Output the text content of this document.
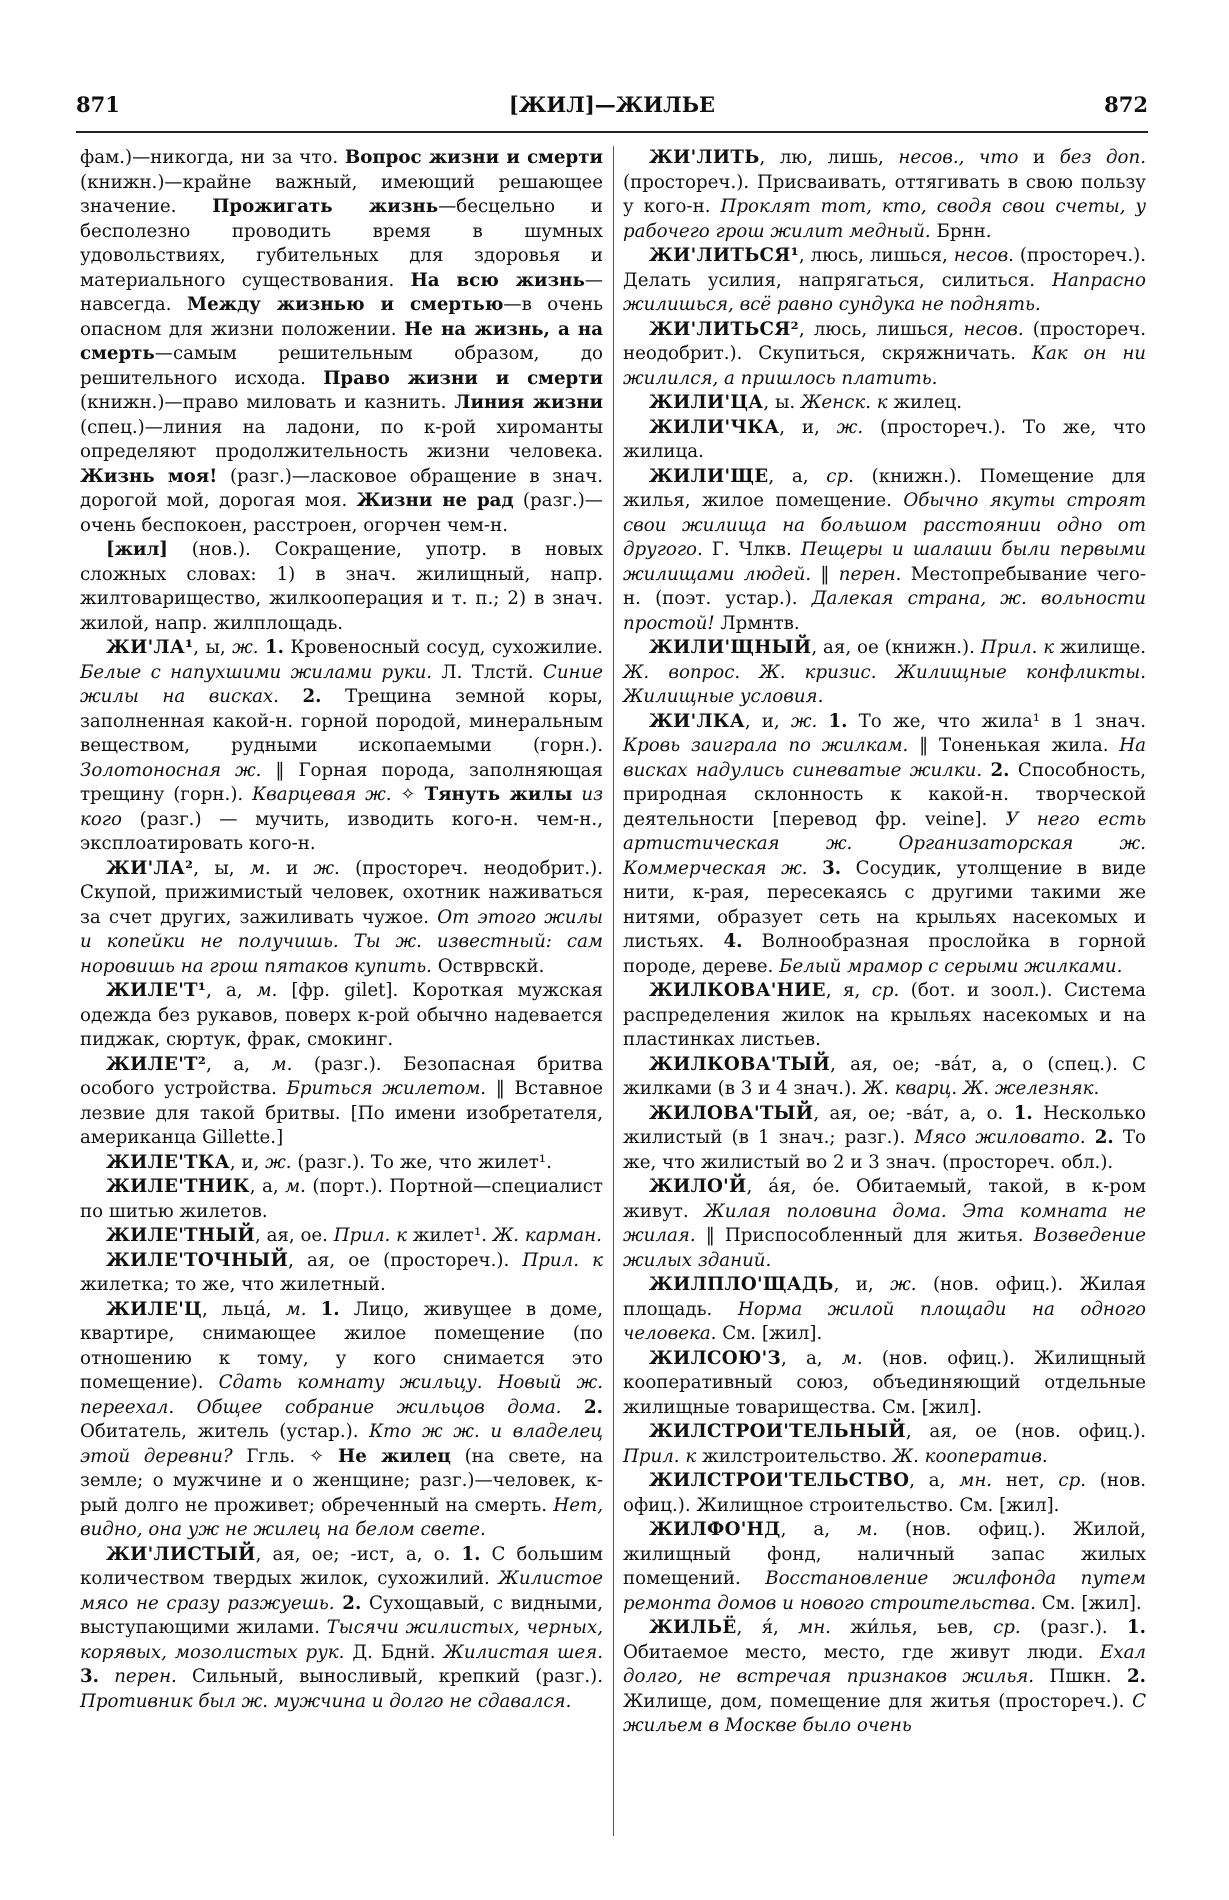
871	[ЖИЛ]—ЖИЛЬЕ	872

фам.)—никогда, ни за что. Вопрос жизни и смерти (книжн.)—крайне важный, имеющий решающее значение. Прожигать жизнь—бесцельно и бесполезно проводить время в шумных удовольствиях, губительных для здоровья и материального существования. На всю жизнь—навсегда. Между жизнью и смертью—в очень опасном для жизни положении. Не на жизнь, а на смерть—самым решительным образом, до решительного исхода. Право жизни и смерти (книжн.)—право миловать и казнить. Линия жизни (спец.)—линия на ладони, по к-рой хироманты определяют продолжительность жизни человека. Жизнь моя! (разг.)—ласковое обращение в знач. дорогой мой, дорогая моя. Жизни не рад (разг.)—очень беспокоен, расстроен, огорчен чем-н.

[жил] (нов.). Сокращение, употр. в новых сложных словах: 1) в знач. жилищный, напр. жилтоварищество, жилкооперация и т. п.; 2) в знач. жилой, напр. жилплощадь.

ЖИ'ЛА¹, ы, ж. 1. Кровеносный сосуд, сухожилие. Белые с напухшими жилами руки. Л. Тлстй. Синие жилы на висках. 2. Трещина земной коры, заполненная какой-н. горной породой, минеральным веществом, рудными ископаемыми (горн.). Золотоносная ж. ‖ Горная порода, заполняющая трещину (горн.). Кварцевая ж. ✧ Тянуть жилы из кого (разг.) — мучить, изводить кого-н. чем-н., эксплоатировать кого-н.

ЖИ'ЛА², ы, м. и ж. (простореч. неодобрит.). Скупой, прижимистый человек, охотник наживаться за счет других, зажиливать чужое. От этого жилы и копейки не получишь. Ты ж. известный: сам норовишь на грош пятаков купить. Остврвскй.

ЖИЛЕ'Т¹, а, м. [фр. gilet]. Короткая мужская одежда без рукавов, поверх к-рой обычно надевается пиджак, сюртук, фрак, смокинг.

ЖИЛЕ'Т², а, м. (разг.). Безопасная бритва особого устройства. Бриться жилетом. ‖ Вставное лезвие для такой бритвы. [По имени изобретателя, американца Gillette.]

ЖИЛЕ'ТКА, и, ж. (разг.). То же, что жилет¹.

ЖИЛЕ'ТНИК, а, м. (порт.). Портной—специалист по шитью жилетов.

ЖИЛЕ'ТНЫЙ, ая, ое. Прил. к жилет¹. Ж. карман.

ЖИЛЕ'ТОЧНЫЙ, ая, ое (простореч.). Прил. к жилетка; то же, что жилетный.

ЖИЛЕ'Ц, льца́, м. 1. Лицо, живущее в доме, квартире, снимающее жилое помещение (по отношению к тому, у кого снимается это помещение). Сдать комнату жильцу. Новый ж. переехал. Общее собрание жильцов дома. 2. Обитатель, житель (устар.). Кто ж ж. и владелец этой деревни? Ггль. ✧ Не жилец (на свете, на земле; о мужчине и о женщине; разг.)—человек, к-рый долго не проживет; обреченный на смерть. Нет, видно, она уж не жилец на белом свете.

ЖИ'ЛИСТЫЙ, ая, ое; -ист, а, о. 1. С большим количеством твердых жилок, сухожилий. Жилистое мясо не сразу разжуешь. 2. Сухощавый, с видными, выступающими жилами. Тысячи жилистых, черных, корявых, мозолистых рук. Д. Бднй. Жилистая шея. 3. перен. Сильный, выносливый, крепкий (разг.). Противник был ж. мужчина и долго не сдавался.

ЖИ'ЛИТЬ, лю, лишь, несов., что и без доп. (простореч.). Присваивать, оттягивать в свою пользу у кого-н. Проклят тот, кто, сводя свои счеты, у рабочего грош жилит медный. Брнн.

ЖИ'ЛИТЬСЯ¹, люсь, лишься, несов. (простореч.). Делать усилия, напрягаться, силиться. Напрасно жилишься, всё равно сундука не поднять.

ЖИ'ЛИТЬСЯ², люсь, лишься, несов. (простореч. неодобрит.). Скупиться, скряжничать. Как он ни жилился, а пришлось платить.

ЖИЛИ'ЦА, ы. Женск. к жилец.

ЖИЛИ'ЧКА, и, ж. (простореч.). То же, что жилица.

ЖИЛИ'ЩЕ, а, ср. (книжн.). Помещение для жилья, жилое помещение. Обычно якуты строят свои жилища на большом расстоянии одно от другого. Г. Члкв. Пещеры и шалаши были первыми жилищами людей. ‖ перен. Местопребывание чего-н. (поэт. устар.). Далекая страна, ж. вольности простой! Лрмнтв.

ЖИЛИ'ЩНЫЙ, ая, ое (книжн.). Прил. к жилище. Ж. вопрос. Ж. кризис. Жилищные конфликты. Жилищные условия.

ЖИ'ЛКА, и, ж. 1. То же, что жила¹ в 1 знач. Кровь заиграла по жилкам. ‖ Тоненькая жила. На висках надулись синеватые жилки. 2. Способность, природная склонность к какой-н. творческой деятельности [перевод фр. veine]. У него есть артистическая ж. Организаторская ж. Коммерческая ж. 3. Сосудик, утолщение в виде нити, к-рая, пересекаясь с другими такими же нитями, образует сеть на крыльях насекомых и листьях. 4. Волнообразная прослойка в горной породе, дереве. Белый мрамор с серыми жилками.

ЖИЛКОВА'НИЕ, я, ср. (бот. и зоол.). Система распределения жилок на крыльях насекомых и на пластинках листьев.

ЖИЛКОВА'ТЫЙ, ая, ое; -ва́т, а, о (спец.). С жилками (в 3 и 4 знач.). Ж. кварц. Ж. железняк.

ЖИЛОВА'ТЫЙ, ая, ое; -ва́т, а, о. 1. Несколько жилистый (в 1 знач.; разг.). Мясо жиловато. 2. То же, что жилистый во 2 и 3 знач. (простореч. обл.).

ЖИЛО'Й, а́я, о́е. Обитаемый, такой, в к-ром живут. Жилая половина дома. Эта комната не жилая. ‖ Приспособленный для житья. Возведение жилых зданий.

ЖИЛПЛО'ЩАДЬ, и, ж. (нов. офиц.). Жилая площадь. Норма жилой площади на одного человека. См. [жил].

ЖИЛСОЮ'З, а, м. (нов. офиц.). Жилищный кооперативный союз, объединяющий отдельные жилищные товарищества. См. [жил].

ЖИЛСТРОИ'ТЕЛЬНЫЙ, ая, ое (нов. офиц.). Прил. к жилстроительство. Ж. кооператив.

ЖИЛСТРОИ'ТЕЛЬСТВО, а, мн. нет, ср. (нов. офиц.). Жилищное строительство. См. [жил].

ЖИЛФО'НД, а, м. (нов. офиц.). Жилой, жилищный фонд, наличный запас жилых помещений. Восстановление жилфонда путем ремонта домов и нового строительства. См. [жил].

ЖИЛЬЁ, я́, мн. жи́лья, ьев, ср. (разг.). 1. Обитаемое место, место, где живут люди. Ехал долго, не встречая признаков жилья. Пшкн. 2. Жилище, дом, помещение для житья (простореч.). С жильем в Москве было очень
